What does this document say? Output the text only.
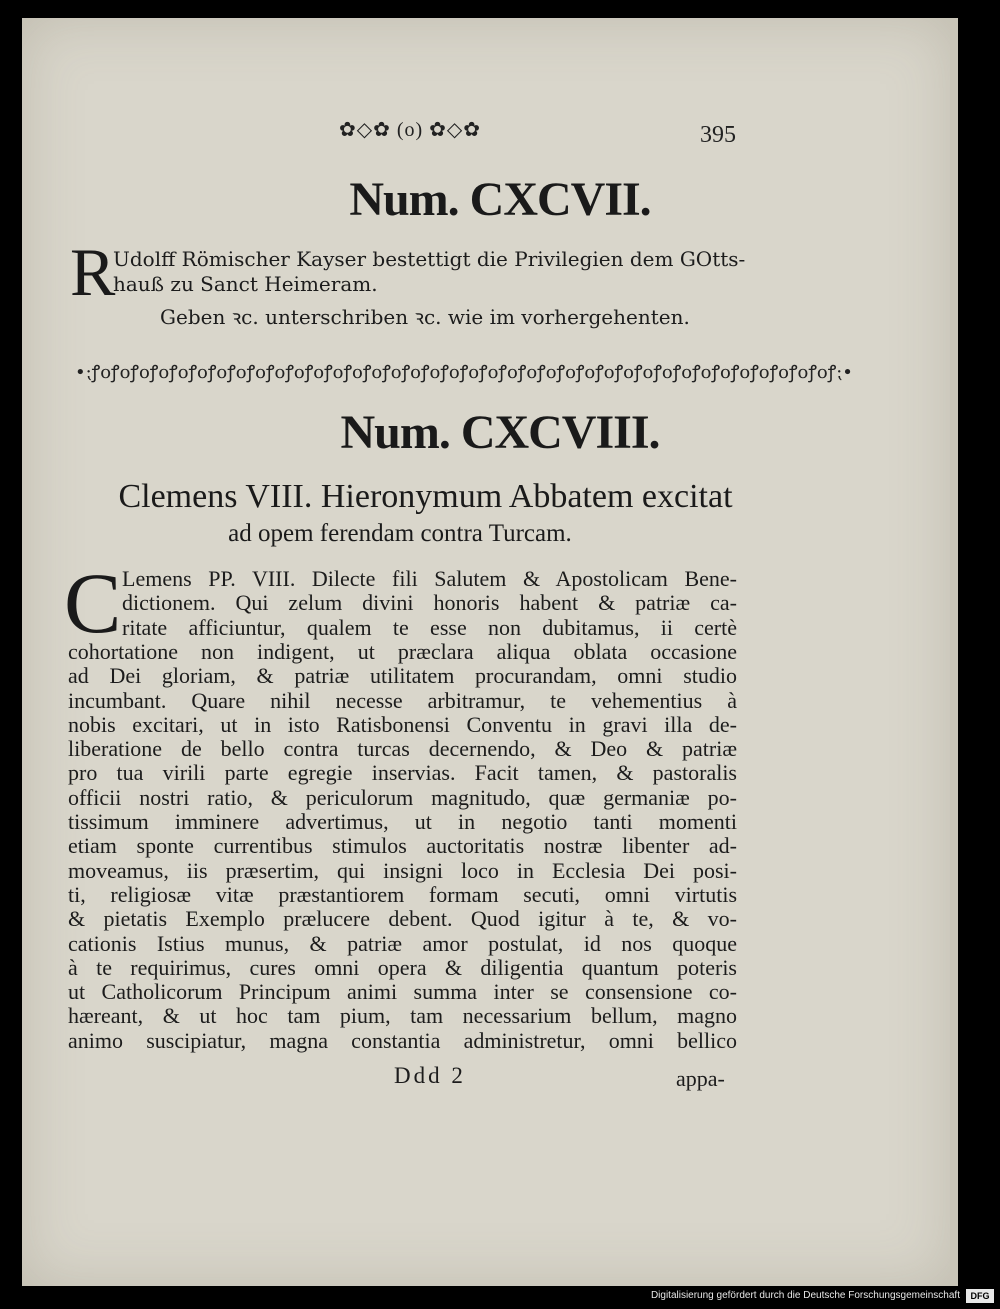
✿◇✿ (o) ✿◇✿	395
Num. CXCVII.
R
Udolff Römischer Kayser bestettigt die Privilegien dem GOtts-
hauß zu Sanct Heimeram.
Geben ꝛc. unterschriben ꝛc. wie im vorhergehenten.
•⁏ꝭoꝭoꝭoꝭoꝭoꝭoꝭoꝭoꝭoꝭoꝭoꝭoꝭoꝭoꝭoꝭoꝭoꝭoꝭoꝭoꝭoꝭoꝭoꝭoꝭoꝭoꝭoꝭoꝭoꝭoꝭoꝭoꝭoꝭoꝭoꝭoꝭoꝭoꝭ⁏•
Num. CXCVIII.
Clemens VIII. Hieronymum Abbatem excitat
ad opem ferendam contra Turcam.
C Lemens PP. VIII. Dilecte fili Salutem & Apostolicam Bene-
dictionem. Qui zelum divini honoris habent & patriæ ca-
ritate afficiuntur, qualem te esse non dubitamus, ii certè
cohortatione non indigent, ut præclara aliqua oblata occasione
ad Dei gloriam, & patriæ utilitatem procurandam, omni studio
incumbant. Quare nihil necesse arbitramur, te vehementius à
nobis excitari, ut in isto Ratisbonensi Conventu in gravi illa de-
liberatione de bello contra turcas decernendo, & Deo & patriæ
pro tua virili parte egregie inservias. Facit tamen, & pastoralis
officii nostri ratio, & periculorum magnitudo, quæ germaniæ po-
tissimum imminere advertimus, ut in negotio tanti momenti
etiam sponte currentibus stimulos auctoritatis nostræ libenter ad-
moveamus, iis præsertim, qui insigni loco in Ecclesia Dei posi-
ti, religiosæ vitæ præstantiorem formam secuti, omni virtutis
& pietatis Exemplo prælucere debent. Quod igitur à te, & vo-
cationis Istius munus, & patriæ amor postulat, id nos quoque
à te requirimus, cures omni opera & diligentia quantum poteris
ut Catholicorum Principum animi summa inter se consensione co-
hæreant, & ut hoc tam pium, tam necessarium bellum, magno
animo suscipiatur, magna constantia administretur, omni bellico
Ddd 2	appa-
Digitalisierung gefördert durch die Deutsche Forschungsgemeinschaft	DFG
